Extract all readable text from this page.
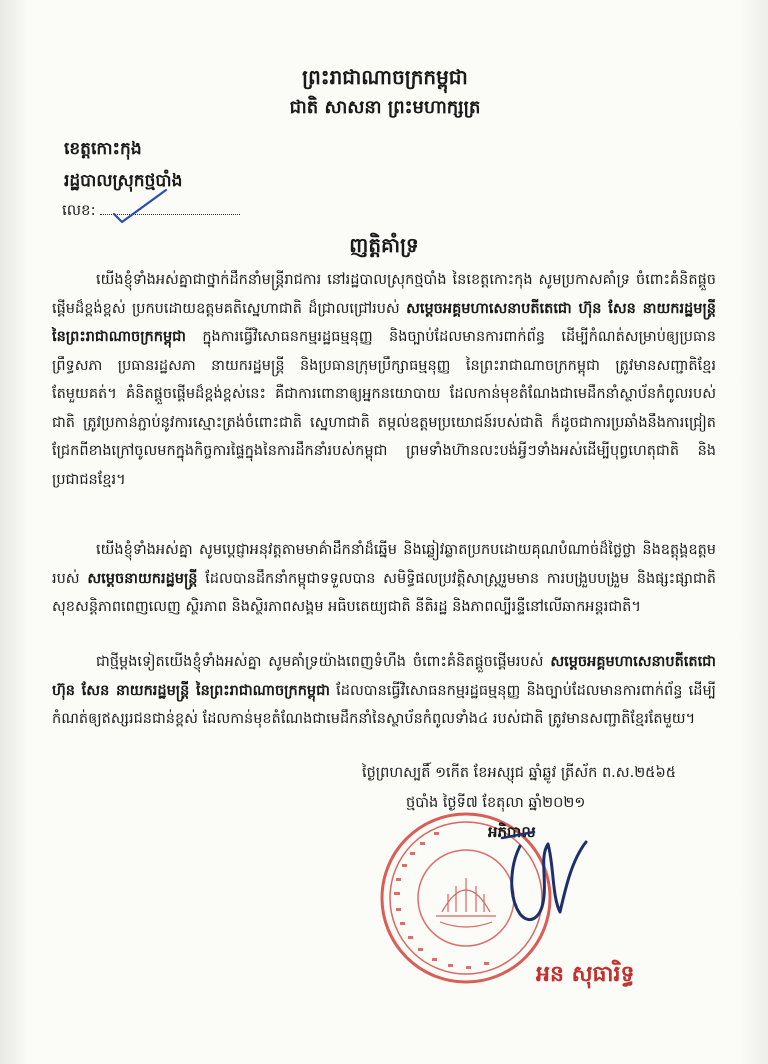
ព្រះរាជាណាចក្រកម្ពុជា
ជាតិ សាសនា ព្រះមហាក្សត្រ
ខេត្តកោះកុង
រដ្ឋបាលស្រុកថ្មបាំង
លេខ:
ញត្តិគាំទ្រ
យើងខ្ញុំទាំងអស់គ្នាជាថ្នាក់ដឹកនាំមន្ត្រីរាជការ នៅរដ្ឋបាលស្រុកថ្មបាំង នៃខេត្តកោះកុង សូមប្រកាសគាំទ្រ ចំពោះគំនិតផ្តួចផ្តើមដ៏ខ្ពង់ខ្ពស់ ប្រកបដោយឧត្តមគតិស្នេហាជាតិ ដ៏ជ្រាលជ្រៅរបស់ សម្តេចអគ្គមហាសេនាបតីតេជោ ហ៊ុន សែន នាយករដ្ឋមន្ត្រី នៃព្រះរាជាណាចក្រកម្ពុជា ក្នុងការធ្វើវិសោធនកម្មរដ្ឋធម្មនុញ្ញ និងច្បាប់ដែលមានការពាក់ព័ន្ធ ដើម្បីកំណត់សម្រាប់ឲ្យប្រធានព្រឹទ្ធសភា ប្រធានរដ្ឋសភា នាយករដ្ឋមន្ត្រី និងប្រធានក្រុមប្រឹក្សាធម្មនុញ្ញ នៃព្រះរាជាណាចក្រកម្ពុជា ត្រូវមានសញ្ជាតិខ្មែរតែមួយគត់។ គំនិតផ្តួចផ្តើមដ៏ខ្ពង់ខ្ពស់នេះ គឺជាការពោនាឲ្យអ្នកនយោបាយ ដែលកាន់មុខតំណែងជាមេដឹកនាំស្ថាប័នកំពូលរបស់ជាតិ ត្រូវប្រកាន់ភ្ជាប់នូវការស្មោះត្រង់ចំពោះជាតិ ស្នេហាជាតិ តម្កល់ឧត្តមប្រយោជន៍របស់ជាតិ ក៏ដូចជាការប្រឆាំងនឹងការជ្រៀតជ្រែកពីខាងក្រៅចូលមកក្នុងកិច្ចការផ្ទៃក្នុងនៃការដឹកនាំរបស់កម្ពុជា ព្រមទាំងហ៊ានលះបង់អ្វីៗទាំងអស់ដើម្បីបុព្វហេតុជាតិ និងប្រជាជនខ្មែរ។
យើងខ្ញុំទាំងអស់គ្នា សូមប្តេជ្ញាអនុវត្តតាមមាគ៌ាដឹកនាំដ៏ឆ្នើម និងឆ្លៀវឆ្លាតប្រកបដោយគុណបំណាច់ដ៏ថ្លៃថ្លា និងឧត្តុង្គឧត្តមរបស់ សម្តេចនាយករដ្ឋមន្ត្រី ដែលបានដឹកនាំកម្ពុជាទទួលបាន សមិទ្ធិផលប្រវត្តិសាស្ត្ររួមមាន ការបង្រួបបង្រួម និងផ្សះផ្សាជាតិ សុខសន្តិភាពពេញលេញ ស្ថិរភាព និងស្ថិរភាពសង្គម អធិបតេយ្យជាតិ នីតិរដ្ឋ និងភាពល្បីរន្ទឺនៅលើឆាកអន្តរជាតិ។
ជាថ្មីម្តងទៀតយើងខ្ញុំទាំងអស់គ្នា សូមគាំទ្រយ៉ាងពេញទំហឹង ចំពោះគំនិតផ្តួចផ្តើមរបស់ សម្តេចអគ្គមហាសេនាបតីតេជោ ហ៊ុន សែន នាយករដ្ឋមន្ត្រី នៃព្រះរាជាណាចក្រកម្ពុជា ដែលបានធ្វើវិសោធនកម្មរដ្ឋធម្មនុញ្ញ និងច្បាប់ដែលមានការពាក់ព័ន្ធ ដើម្បីកំណត់ឲ្យឥស្សរជនជាន់ខ្ពស់ ដែលកាន់មុខតំណែងជាមេដឹកនាំនៃស្ថាប័នកំពូលទាំង៤ របស់ជាតិ ត្រូវមានសញ្ជាតិខ្មែរតែមួយ។
ថ្ងៃព្រហស្បតិ៍ ១កើត ខែអស្សុជ ឆ្នាំឆ្លូវ ត្រីស័ក ព.ស.២៥៦៥
ថ្មបាំង ថ្ងៃទី៧ ខែតុលា ឆ្នាំ២០២១
អភិបាល
អន សុធារិទ្ធ
